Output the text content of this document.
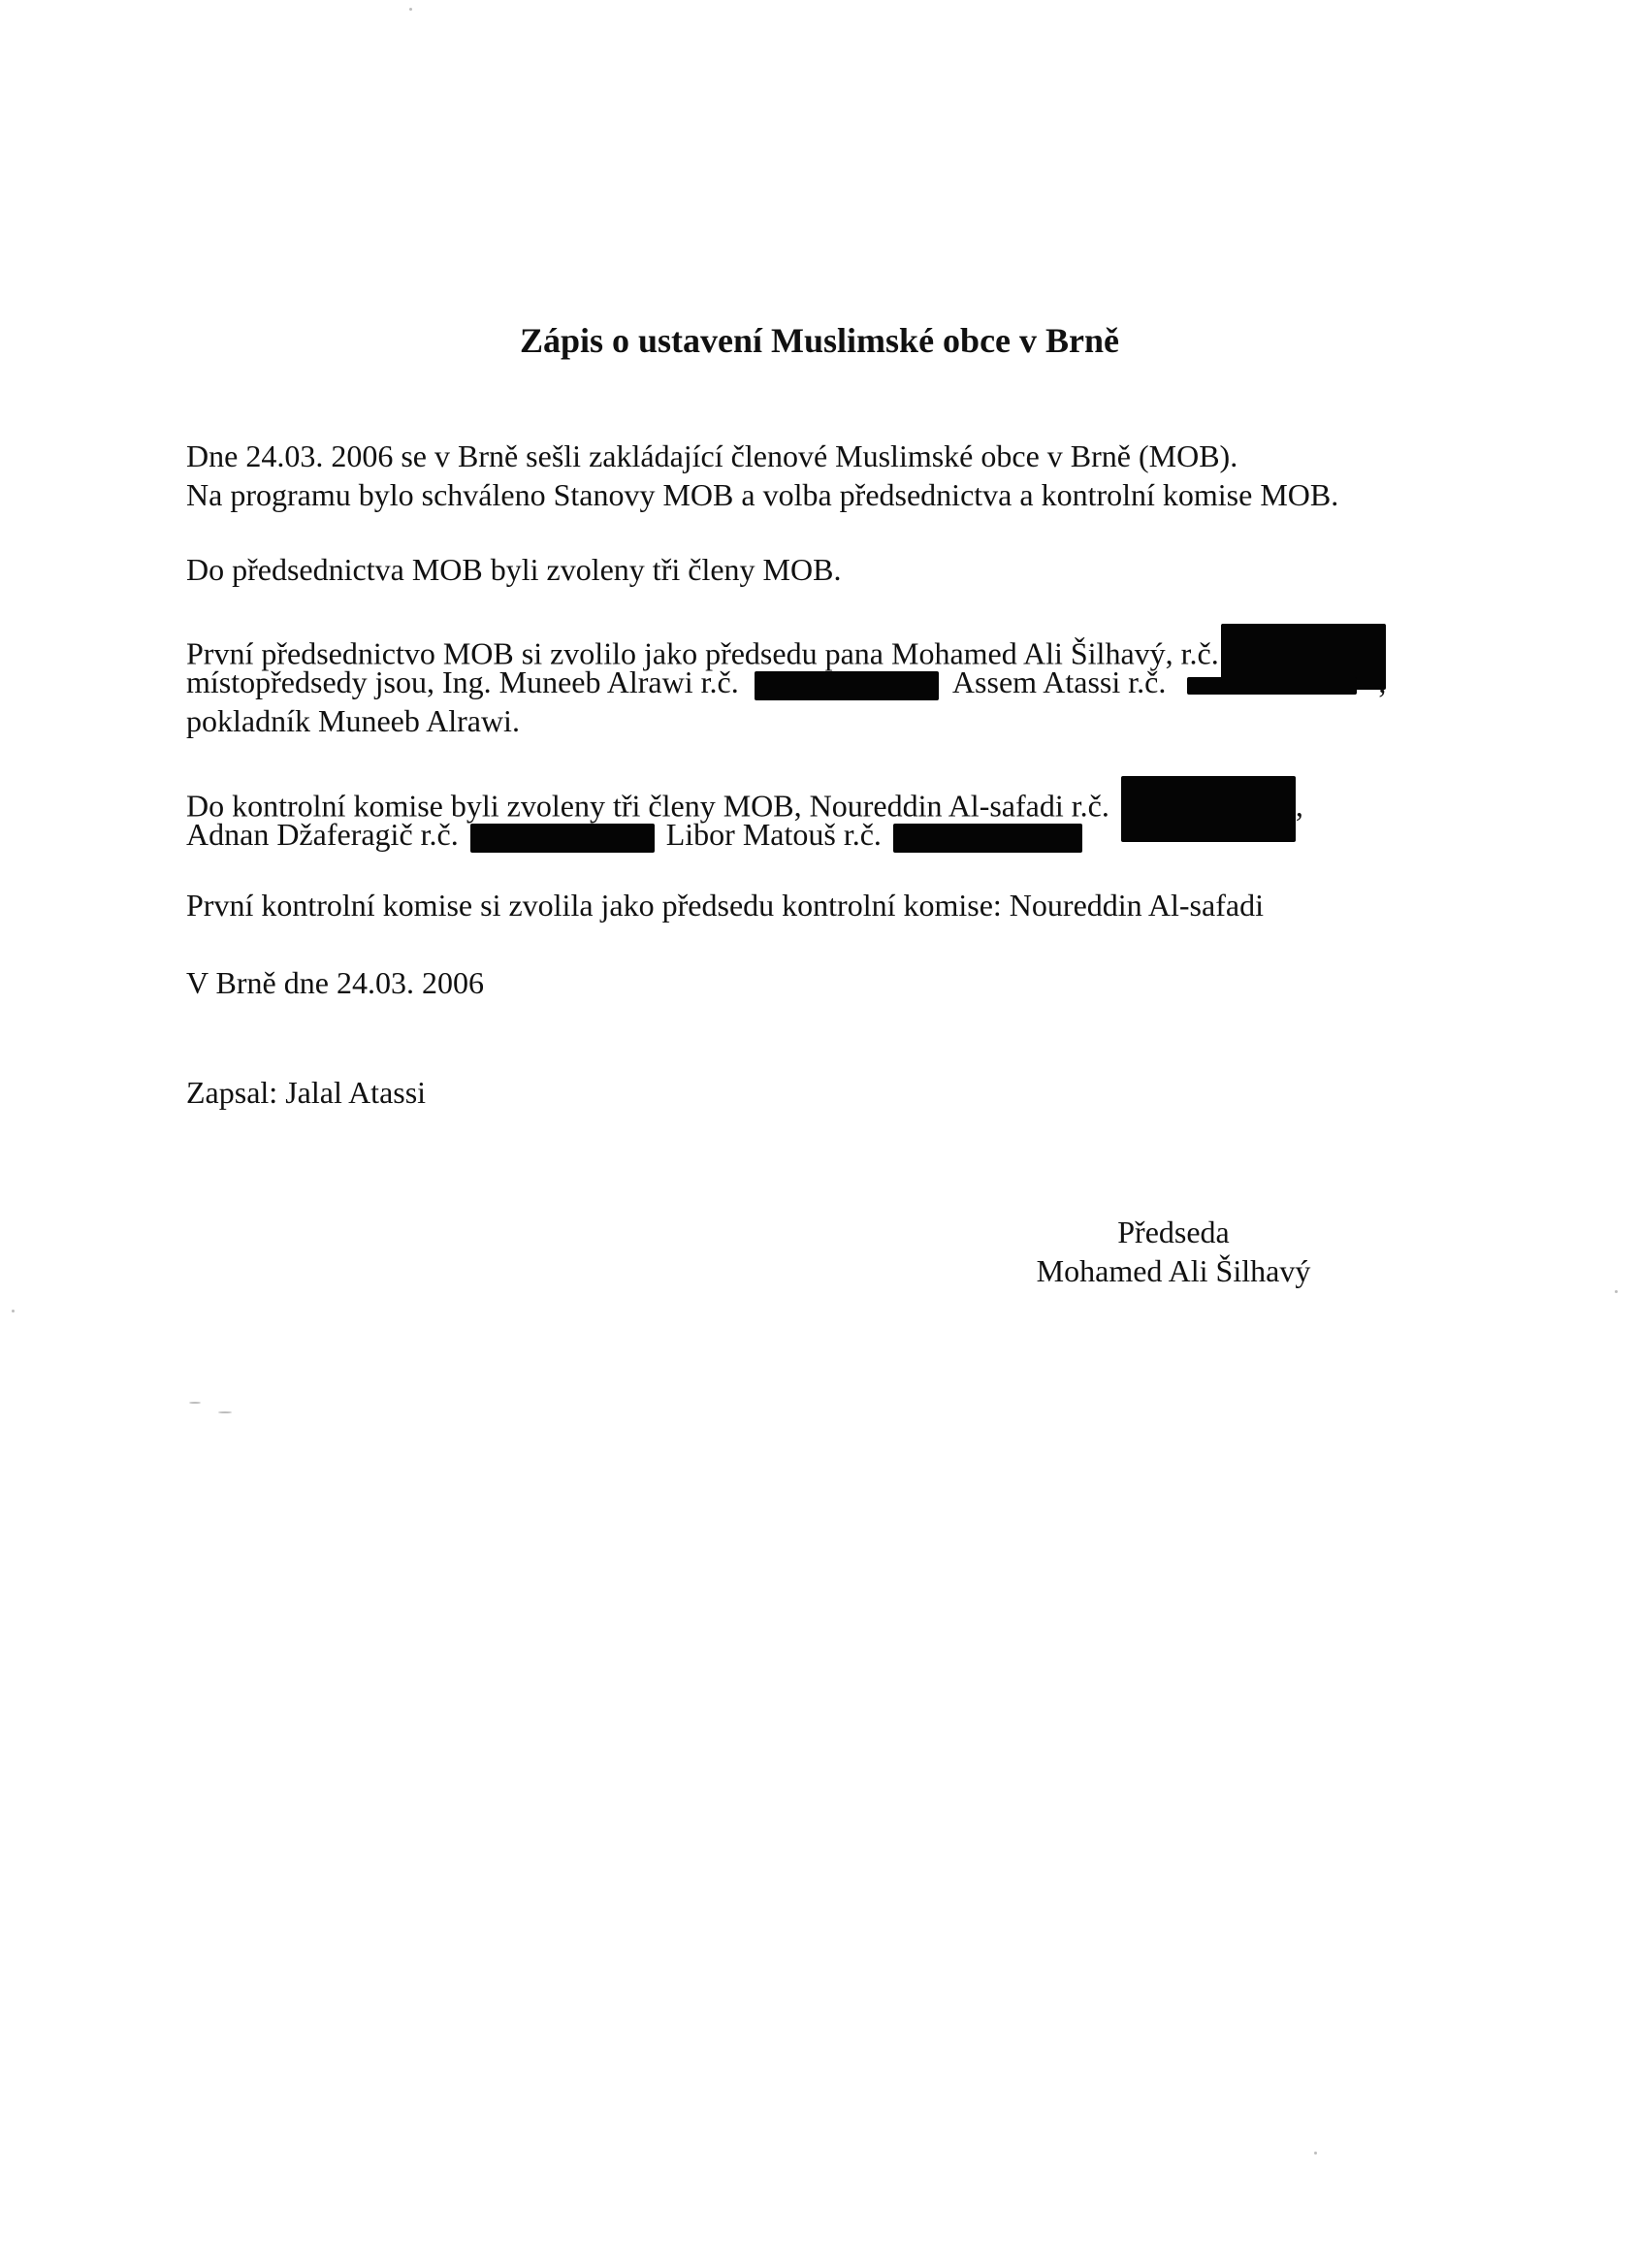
Zápis o ustavení Muslimské obce v Brně

Dne 24.03. 2006 se v Brně sešli zakládající členové Muslimské obce v Brně (MOB).

Na programu bylo schváleno Stanovy MOB a volba předsednictva a kontrolní komise MOB.

Do předsednictva MOB byli zvoleny tři členy MOB.

První předsednictvo MOB si zvolilo jako předsedu pana Mohamed Ali Šilhavý, r.č.

místopředsedy jsou, Ing. Muneeb Alrawi r.č.	Assem Atassi r.č.	,

pokladník Muneeb Alrawi.

Do kontrolní komise byli zvoleny tři členy MOB, Noureddin Al-safadi r.č.	,

Adnan Džaferagič r.č.	Libor Matouš r.č.

První kontrolní komise si zvolila jako předsedu kontrolní komise: Noureddin Al-safadi

V Brně dne 24.03. 2006

Zapsal: Jalal Atassi

Předseda
Mohamed Ali Šilhavý
